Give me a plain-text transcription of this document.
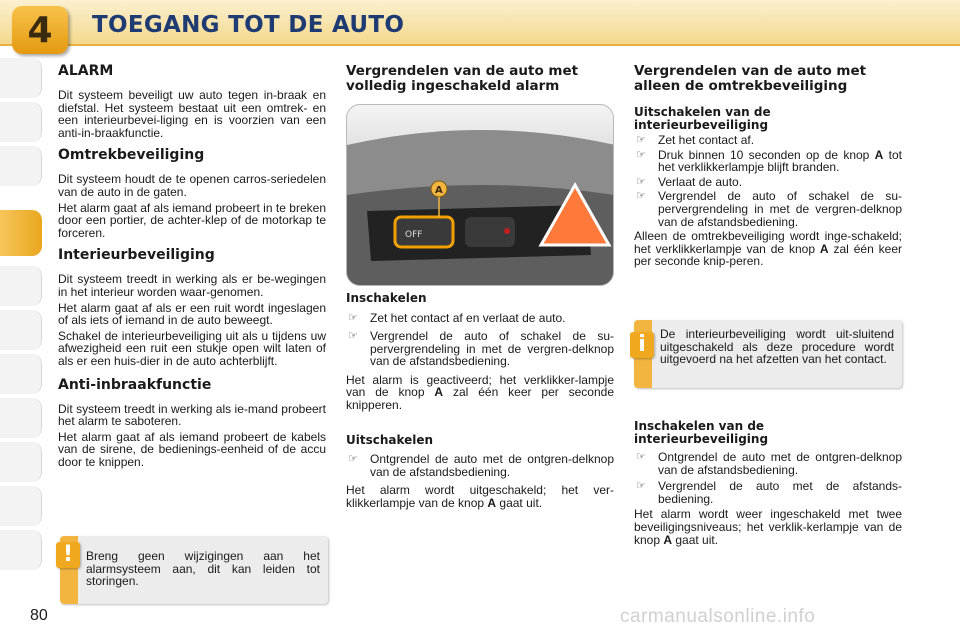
4 TOEGANG TOT DE AUTO
ALARM

Dit systeem beveiligt uw auto tegen in-braak en diefstal. Het systeem bestaat uit een omtrek- en een interieurbevei-liging en is voorzien van een anti-in-braakfunctie.

Omtrekbeveiliging

Dit systeem houdt de te openen carros-seriedelen van de auto in de gaten.

Het alarm gaat af als iemand probeert in te breken door een portier, de achter-klep of de motorkap te forceren.

Interieurbeveiliging

Dit systeem treedt in werking als er be-wegingen in het interieur worden waar-genomen.

Het alarm gaat af als er een ruit wordt ingeslagen of als iets of iemand in de auto beweegt.

Schakel de interieurbeveiliging uit als u tijdens uw afwezigheid een ruit een stukje open wilt laten of als er een huis-dier in de auto achterblijft.

Anti-inbraakfunctie

Dit systeem treedt in werking als ie-mand probeert het alarm te saboteren.

Het alarm gaat af als iemand probeert de kabels van de sirene, de bedienings-eenheid of de accu door te knippen.

!	Breng geen wijzigingen aan het alarmsysteem aan, dit kan leiden tot storingen.
Vergrendelen van de auto met volledig ingeschakeld alarm
OFF
A
Inschakelen
☞ Zet het contact af en verlaat de auto.
☞ Vergrendel de auto of schakel de su-pervergrendeling in met de vergren-delknop van de afstandsbediening.

Het alarm is geactiveerd; het verklikker-lampje van de knop A zal één keer per seconde knipperen.

Uitschakelen
☞ Ontgrendel de auto met de ontgren-delknop van de afstandsbediening.

Het alarm wordt uitgeschakeld; het ver-klikkerlampje van de knop A gaat uit.

Vergrendelen van de auto met alleen de omtrekbeveiliging
Uitschakelen van de interieurbeveiliging
☞ Zet het contact af.
☞ Druk binnen 10 seconden op de knop A tot het verklikkerlampje blijft branden.
☞ Verlaat de auto.
☞ Vergrendel de auto of schakel de su-pervergrendeling in met de vergren-delknop van de afstandsbediening.

Alleen de omtrekbeveiliging wordt inge-schakeld; het verklikkerlampje van de knop A zal één keer per seconde knip-peren.

i	De interieurbeveiliging wordt uit-sluitend uitgeschakeld als deze procedure wordt uitgevoerd na het afzetten van het contact.
Inschakelen van de interieurbeveiliging
☞ Ontgrendel de auto met de ontgren-delknop van de afstandsbediening.
☞ Vergrendel de auto met de afstands-bediening.

Het alarm wordt weer ingeschakeld met twee beveiligingsniveaus; het verklik-kerlampje van de knop A gaat uit.

80	carmanualsonline.info
